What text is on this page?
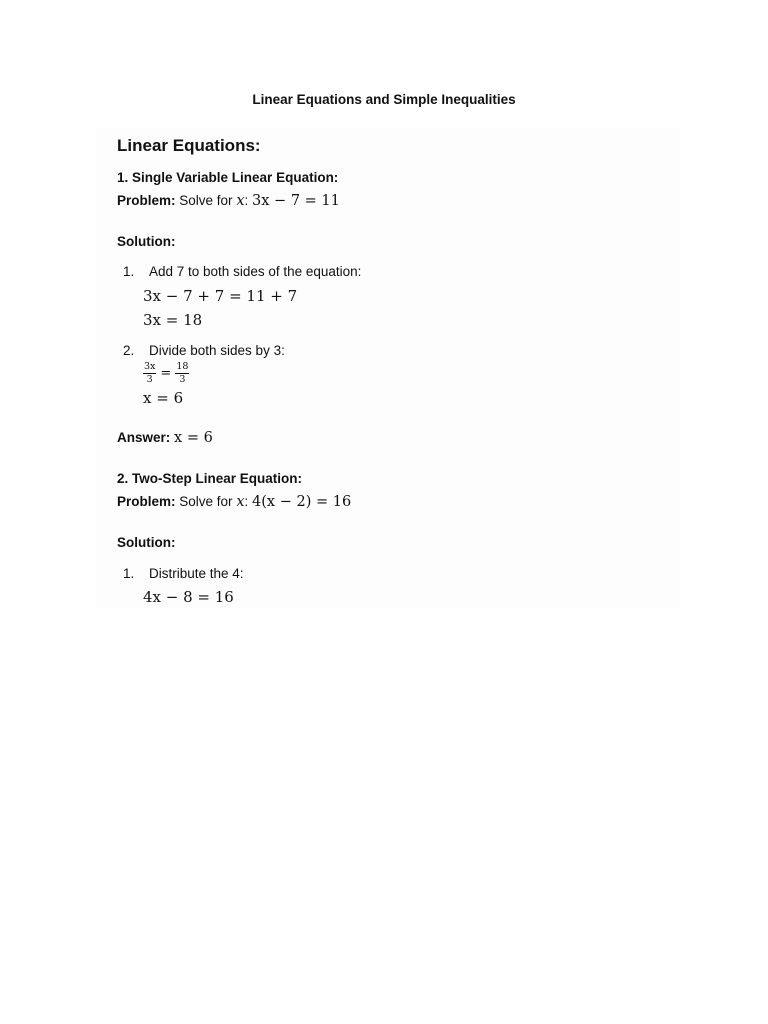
Linear Equations and Simple Inequalities
Linear Equations:
1. Single Variable Linear Equation:
Problem: Solve for x: 3x − 7 = 11
Solution:
1. Add 7 to both sides of the equation:
3x − 7 + 7 = 11 + 7
3x = 18
2. Divide both sides by 3:
$\frac{3x}{3} = \frac{18}{3}$
x = 6
Answer: x = 6
2. Two-Step Linear Equation:
Problem: Solve for x: 4(x − 2) = 16
Solution:
1. Distribute the 4:
4x − 8 = 16
